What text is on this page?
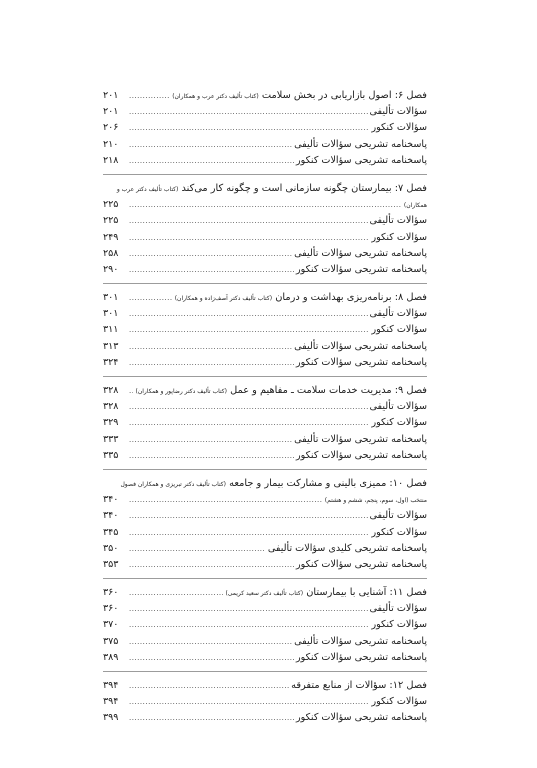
فصل ۶: اصول بازاریابی در بخش سلامت (کتاب تألیف دکتر عرب و همکاران)
.....
۲۰۱
سؤالات تألیفی
.....
۲۰۱
سؤالات کنکور
.....
۲۰۶
پاسخنامه تشریحی سؤالات تألیفی
.....
۲۱۰
پاسخنامه تشریحی سؤالات کنکور
.....
۲۱۸
فصل ۷: بیمارستان چگونه سازمانی است و چگونه کار می‌کند (کتاب تألیف دکتر عرب و
همکاران)
.....
۲۲۵
سؤالات تألیفی
.....
۲۲۵
سؤالات کنکور
.....
۲۴۹
پاسخنامه تشریحی سؤالات تألیفی
.....
۲۵۸
پاسخنامه تشریحی سؤالات کنکور
.....
۲۹۰
فصل ۸: برنامه‌ریزی بهداشت و درمان (کتاب تألیف دکتر آصف‌زاده و همکاران)
.....
۳۰۱
سؤالات تألیفی
.....
۳۰۱
سؤالات کنکور
.....
۳۱۱
پاسخنامه تشریحی سؤالات تألیفی
.....
۳۱۳
پاسخنامه تشریحی سؤالات کنکور
.....
۳۲۴
فصل ۹: مدیریت خدمات سلامت ـ مفاهیم و عمل (کتاب تألیف دکتر رضاپور و همکاران)
.....
۳۲۸
سؤالات تألیفی
.....
۳۲۸
سؤالات کنکور
.....
۳۲۹
پاسخنامه تشریحی سؤالات تألیفی
.....
۳۳۳
پاسخنامه تشریحی سؤالات کنکور
.....
۳۳۵
فصل ۱۰: ممیزی بالینی و مشارکت بیمار و جامعه (کتاب تألیف دکتر تبریزی و همکاران فصول
منتخب (اول، سوم، پنجم، ششم و هشتم)
.....
۳۴۰
سؤالات تألیفی
.....
۳۴۰
سؤالات کنکور
.....
۳۴۵
پاسخنامه تشریحی کلیدی سؤالات تألیفی
.....
۳۵۰
پاسخنامه تشریحی سؤالات کنکور
.....
۳۵۳
فصل ۱۱: آشنایی با بیمارستان (کتاب تألیف دکتر سعید کریمی)
.....
۳۶۰
سؤالات تألیفی
.....
۳۶۰
سؤالات کنکور
.....
۳۷۰
پاسخنامه تشریحی سؤالات تألیفی
.....
۳۷۵
پاسخنامه تشریحی سؤالات کنکور
.....
۳۸۹
فصل ۱۲: سؤالات از منابع متفرقه
.....
۳۹۴
سؤالات کنکور
.....
۳۹۴
پاسخنامه تشریحی سؤالات کنکور
.....
۳۹۹
